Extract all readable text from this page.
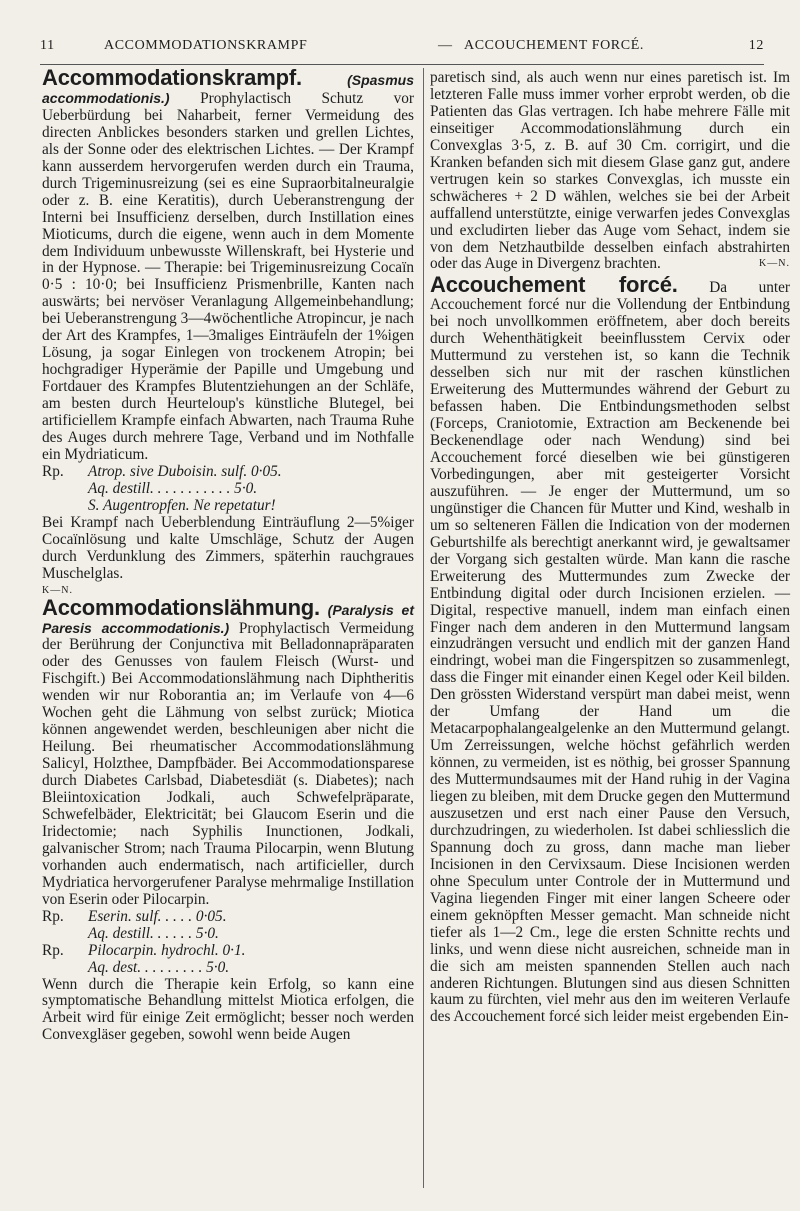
11	ACCOMMODATIONSKRAMPF	— ACCOUCHEMENT FORCÉ.	12

Accommodationskrampf.	(Spasmus accommodationis.) Prophylactisch Schutz vor Ueberbürdung bei Naharbeit, ferner Vermeidung des directen Anblickes besonders starken und grellen Lichtes, als der Sonne oder des elektrischen Lichtes. — Der Krampf kann ausserdem hervorgerufen werden durch ein Trauma, durch Trigeminusreizung (sei es eine Supraorbitalneuralgie oder z. B. eine Keratitis), durch Ueberanstrengung der Interni bei Insufficienz derselben, durch Instillation eines Mioticums, durch die eigene, wenn auch in dem Momente dem Individuum unbewusste Willenskraft, bei Hysterie und in der Hypnose. — Therapie: bei Trigeminusreizung Cocaïn 0·5 : 10·0; bei Insufficienz Prismenbrille, Kanten nach auswärts; bei nervöser Veranlagung Allgemeinbehandlung; bei Ueberanstrengung 3—4wöchentliche Atropincur, je nach der Art des Krampfes, 1—3maliges Einträufeln der 1%igen Lösung, ja sogar Einlegen von trockenem Atropin; bei hochgradiger Hyperämie der Papille und Umgebung und Fortdauer des Krampfes Blutentziehungen an der Schläfe, am besten durch Heurteloup's künstliche Blutegel, bei artificiellem Krampfe einfach Abwarten, nach Trauma Ruhe des Auges durch mehrere Tage, Verband und im Nothfalle ein Mydriaticum.

Rp. Atrop. sive Duboisin. sulf. 0·05.
Aq. destill. . . . . . . . . . . 5·0.
S. Augentropfen. Ne repetatur!

Bei Krampf nach Ueberblendung Einträuflung 2—5%iger Cocaïnlösung und kalte Umschläge, Schutz der Augen durch Verdunklung des Zimmers, späterhin rauchgraues Muschelglas.

K—N.

Accommodationslähmung. (Paralysis et Paresis accommodationis.) Prophylactisch Vermeidung der Berührung der Conjunctiva mit Belladonnapräparaten oder des Genusses von faulem Fleisch (Wurst- und Fischgift.) Bei Accommodationslähmung nach Diphtheritis wenden wir nur Roborantia an; im Verlaufe von 4—6 Wochen geht die Lähmung von selbst zurück; Miotica können angewendet werden, beschleunigen aber nicht die Heilung. Bei rheumatischer Accommodationslähmung Salicyl, Holzthee, Dampfbäder. Bei Accommodationsparese durch Diabetes Carlsbad, Diabetesdiät (s. Diabetes); nach Bleiintoxication Jodkali, auch Schwefelpräparate, Schwefelbäder, Elektricität; bei Glaucom Eserin und die Iridectomie; nach Syphilis Inunctionen, Jodkali, galvanischer Strom; nach Trauma Pilocarpin, wenn Blutung vorhanden auch endermatisch, nach artificieller, durch Mydriatica hervorgerufener Paralyse mehrmalige Instillation von Eserin oder Pilocarpin.

Rp. Eserin. sulf. . . . . 0·05.
Aq. destill. . . . . . 5·0.
Rp. Pilocarpin. hydrochl. 0·1.
Aq. dest. . . . . . . . . 5·0.

Wenn durch die Therapie kein Erfolg, so kann eine symptomatische Behandlung mittelst Miotica erfolgen, die Arbeit wird für einige Zeit ermöglicht; besser noch werden Convexgläser gegeben, sowohl wenn beide Augen

paretisch sind, als auch wenn nur eines paretisch ist. Im letzteren Falle muss immer vorher erprobt werden, ob die Patienten das Glas vertragen. Ich habe mehrere Fälle mit einseitiger Accommodationslähmung durch ein Convexglas 3·5, z. B. auf 30 Cm. corrigirt, und die Kranken befanden sich mit diesem Glase ganz gut, andere vertrugen kein so starkes Convexglas, ich musste ein schwächeres + 2 D wählen, welches sie bei der Arbeit auffallend unterstützte, einige verwarfen jedes Convexglas und excludirten lieber das Auge vom Sehact, indem sie von dem Netzhautbilde desselben einfach abstrahirten oder das Auge in Divergenz brachten.	K—N.

Accouchement forcé. Da unter Accouchement forcé nur die Vollendung der Entbindung bei noch unvollkommen eröffnetem, aber doch bereits durch Wehenthätigkeit beeinflusstem Cervix oder Muttermund zu verstehen ist, so kann die Technik desselben sich nur mit der raschen künstlichen Erweiterung des Muttermundes während der Geburt zu befassen haben. Die Entbindungsmethoden selbst (Forceps, Craniotomie, Extraction am Beckenende bei Beckenendlage oder nach Wendung) sind bei Accouchement forcé dieselben wie bei günstigeren Vorbedingungen, aber mit gesteigerter Vorsicht auszuführen. — Je enger der Muttermund, um so ungünstiger die Chancen für Mutter und Kind, weshalb in um so selteneren Fällen die Indication von der modernen Geburtshilfe als berechtigt anerkannt wird, je gewaltsamer der Vorgang sich gestalten würde. Man kann die rasche Erweiterung des Muttermundes zum Zwecke der Entbindung digital oder durch Incisionen erzielen. — Digital, respective manuell, indem man einfach einen Finger nach dem anderen in den Muttermund langsam einzudrängen versucht und endlich mit der ganzen Hand eindringt, wobei man die Fingerspitzen so zusammenlegt, dass die Finger mit einander einen Kegel oder Keil bilden. Den grössten Widerstand verspürt man dabei meist, wenn der Umfang der Hand um die Metacarpophalangealgelenke an den Muttermund gelangt. Um Zerreissungen, welche höchst gefährlich werden können, zu vermeiden, ist es nöthig, bei grosser Spannung des Muttermundsaumes mit der Hand ruhig in der Vagina liegen zu bleiben, mit dem Drucke gegen den Muttermund auszusetzen und erst nach einer Pause den Versuch, durchzudringen, zu wiederholen. Ist dabei schliesslich die Spannung doch zu gross, dann mache man lieber Incisionen in den Cervixsaum. Diese Incisionen werden ohne Speculum unter Controle der in Muttermund und Vagina liegenden Finger mit einer langen Scheere oder einem geknöpften Messer gemacht. Man schneide nicht tiefer als 1—2 Cm., lege die ersten Schnitte rechts und links, und wenn diese nicht ausreichen, schneide man in die sich am meisten spannenden Stellen auch nach anderen Richtungen. Blutungen sind aus diesen Schnitten kaum zu fürchten, viel mehr aus den im weiteren Verlaufe des Accouchement forcé sich leider meist ergebenden Ein-
